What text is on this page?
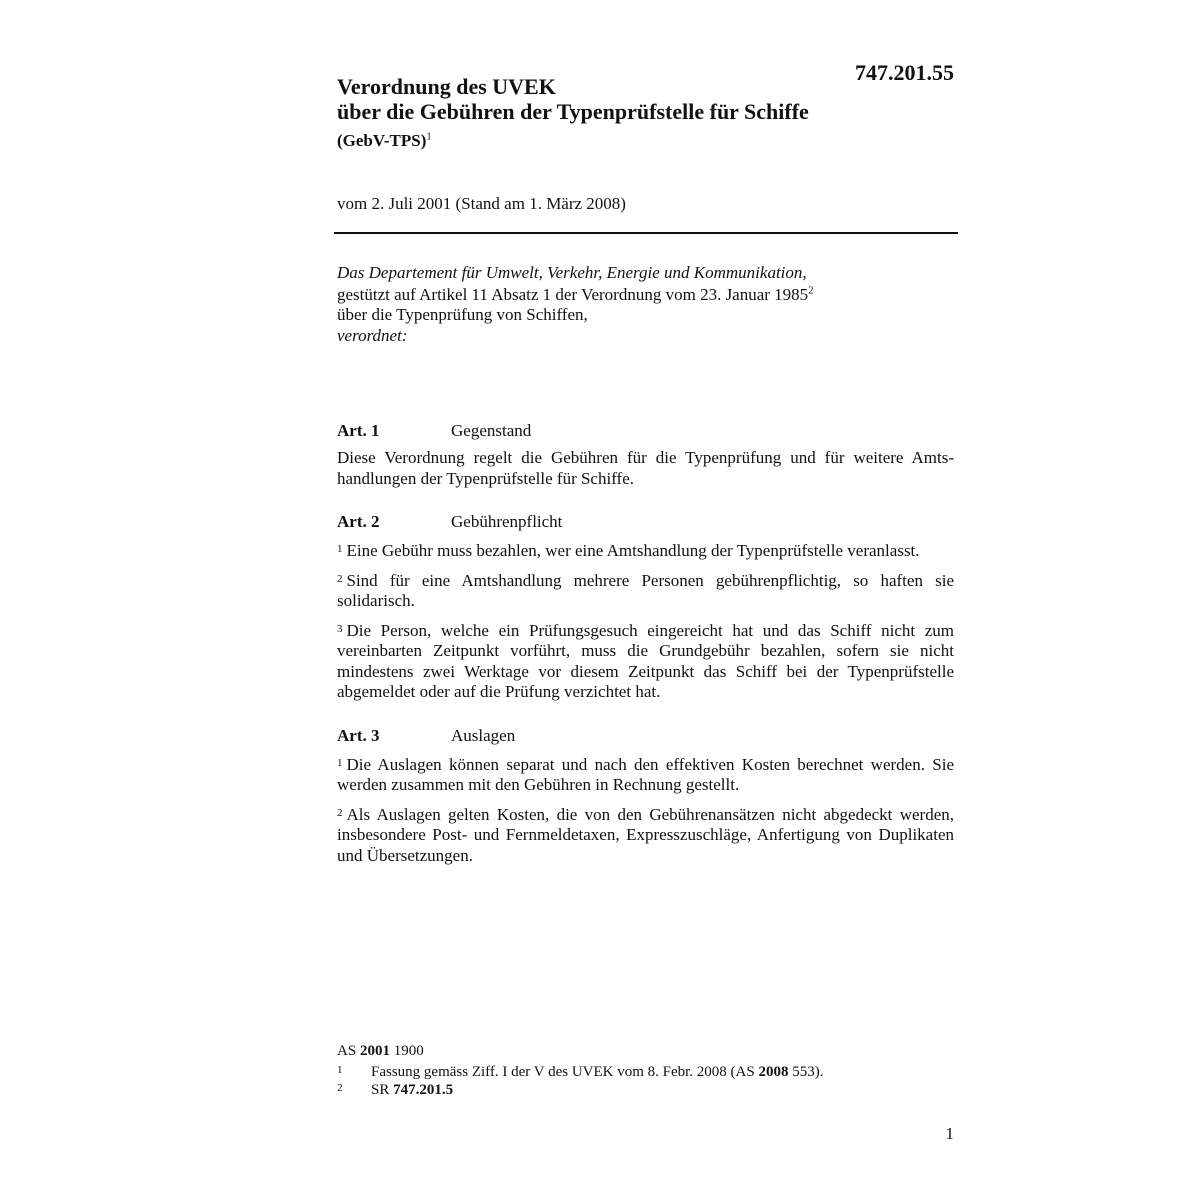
747.201.55
Verordnung des UVEK
über die Gebühren der Typenprüfstelle für Schiffe
(GebV-TPS)$^1$
vom 2. Juli 2001 (Stand am 1. März 2008)
Das Departement für Umwelt, Verkehr, Energie und Kommunikation,
gestützt auf Artikel 11 Absatz 1 der Verordnung vom 23. Januar 1985$^2$
über die Typenprüfung von Schiffen,
verordnet:
Art. 1	Gegenstand

Diese Verordnung regelt die Gebühren für die Typenprüfung und für weitere Amtshandlungen der Typenprüfstelle für Schiffe.

Art. 2	Gebührenpflicht

$^1$ Eine Gebühr muss bezahlen, wer eine Amtshandlung der Typenprüfstelle veranlasst.

$^2$ Sind für eine Amtshandlung mehrere Personen gebührenpflichtig, so haften sie solidarisch.

$^3$ Die Person, welche ein Prüfungsgesuch eingereicht hat und das Schiff nicht zum vereinbarten Zeitpunkt vorführt, muss die Grundgebühr bezahlen, sofern sie nicht mindestens zwei Werktage vor diesem Zeitpunkt das Schiff bei der Typenprüfstelle abgemeldet oder auf die Prüfung verzichtet hat.

Art. 3	Auslagen

$^1$ Die Auslagen können separat und nach den effektiven Kosten berechnet werden. Sie werden zusammen mit den Gebühren in Rechnung gestellt.

$^2$ Als Auslagen gelten Kosten, die von den Gebührenansätzen nicht abgedeckt werden, insbesondere Post- und Fernmeldetaxen, Expresszuschläge, Anfertigung von Duplikaten und Übersetzungen.

AS 2001 1900
1 Fassung gemäss Ziff. I der V des UVEK vom 8. Febr. 2008 (AS 2008 553).
2 SR 747.201.5
1
